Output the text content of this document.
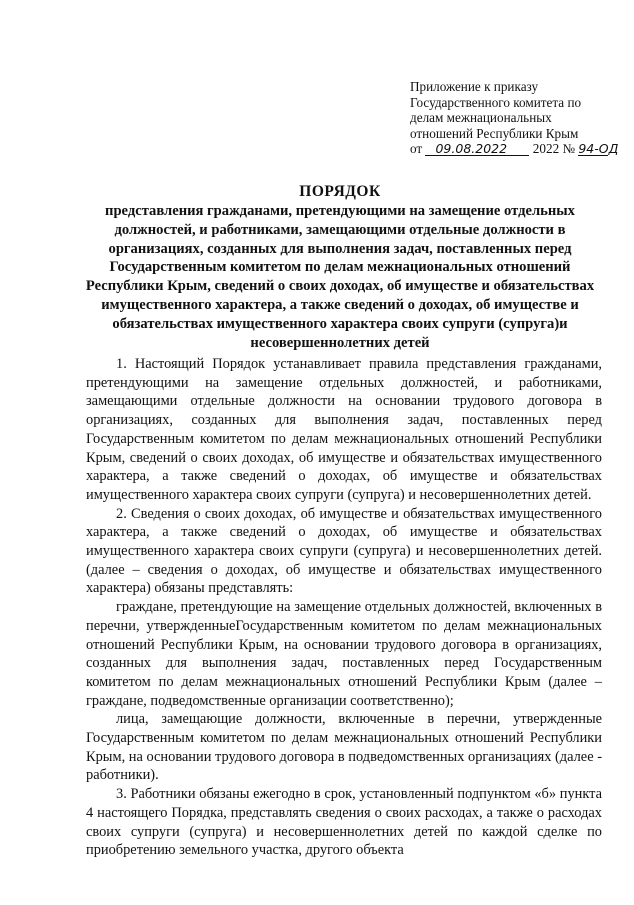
Приложение к приказу
Государственного комитета по
делам межнациональных
отношений Республики Крым
от 09.08.2022 2022 № 94-ОД
ПОРЯДОК
представления гражданами, претендующими на замещение отдельных должностей, и работниками, замещающими отдельные должности в организациях, созданных для выполнения задач, поставленных перед Государственным комитетом по делам межнациональных отношений Республики Крым, сведений о своих доходах, об имуществе и обязательствах имущественного характера, а также сведений о доходах, об имуществе и обязательствах имущественного характера своих супруги (супруга)и несовершеннолетних детей

1. Настоящий Порядок устанавливает правила представления гражданами, претендующими на замещение отдельных должностей, и работниками, замещающими отдельные должности на основании трудового договора в организациях, созданных для выполнения задач, поставленных перед Государственным комитетом по делам межнациональных отношений Республики Крым, сведений о своих доходах, об имуществе и обязательствах имущественного характера, а также сведений о доходах, об имуществе и обязательствах имущественного характера своих супруги (супруга) и несовершеннолетних детей.

2. Сведения о своих доходах, об имуществе и обязательствах имущественного характера, а также сведений о доходах, об имуществе и обязательствах имущественного характера своих супруги (супруга) и несовершеннолетних детей. (далее – сведения о доходах, об имуществе и обязательствах имущественного характера) обязаны представлять:

граждане, претендующие на замещение отдельных должностей, включенных в перечни, утвержденныеГосударственным комитетом по делам межнациональных отношений Республики Крым, на основании трудового договора в организациях, созданных для выполнения задач, поставленных перед Государственным комитетом по делам межнациональных отношений Республики Крым (далее – граждане, подведомственные организации соответственно);

лица, замещающие должности, включенные в перечни, утвержденные Государственным комитетом по делам межнациональных отношений Республики Крым, на основании трудового договора в подведомственных организациях (далее - работники).

3. Работники обязаны ежегодно в срок, установленный подпунктом «б» пункта 4 настоящего Порядка, представлять сведения о своих расходах, а также о расходах своих супруги (супруга) и несовершеннолетних детей по каждой сделке по приобретению земельного участка, другого объекта
